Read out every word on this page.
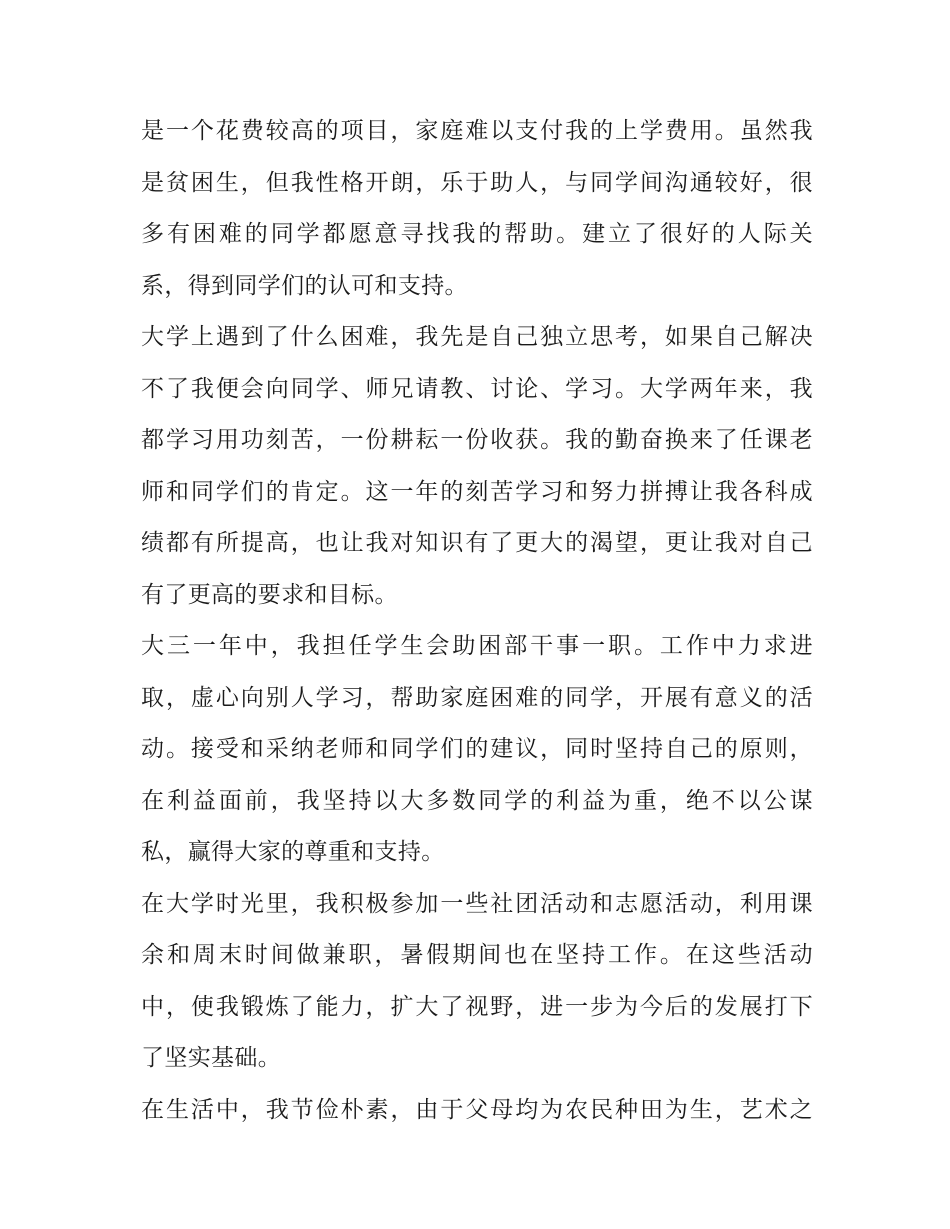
是一个花费较高的项目，家庭难以支付我的上学费用。虽然我
是贫困生，但我性格开朗，乐于助人，与同学间沟通较好，很
多有困难的同学都愿意寻找我的帮助。建立了很好的人际关
系，得到同学们的认可和支持。
大学上遇到了什么困难，我先是自己独立思考，如果自己解决
不了我便会向同学、师兄请教、讨论、学习。大学两年来，我
都学习用功刻苦，一份耕耘一份收获。我的勤奋换来了任课老
师和同学们的肯定。这一年的刻苦学习和努力拼搏让我各科成
绩都有所提高，也让我对知识有了更大的渴望，更让我对自己
有了更高的要求和目标。
大三一年中，我担任学生会助困部干事一职。工作中力求进
取，虚心向别人学习，帮助家庭困难的同学，开展有意义的活
动。接受和采纳老师和同学们的建议，同时坚持自己的原则，
在利益面前，我坚持以大多数同学的利益为重，绝不以公谋
私，赢得大家的尊重和支持。
在大学时光里，我积极参加一些社团活动和志愿活动，利用课
余和周末时间做兼职，暑假期间也在坚持工作。在这些活动
中，使我锻炼了能力，扩大了视野，进一步为今后的发展打下
了坚实基础。
在生活中，我节俭朴素，由于父母均为农民种田为生，艺术之
